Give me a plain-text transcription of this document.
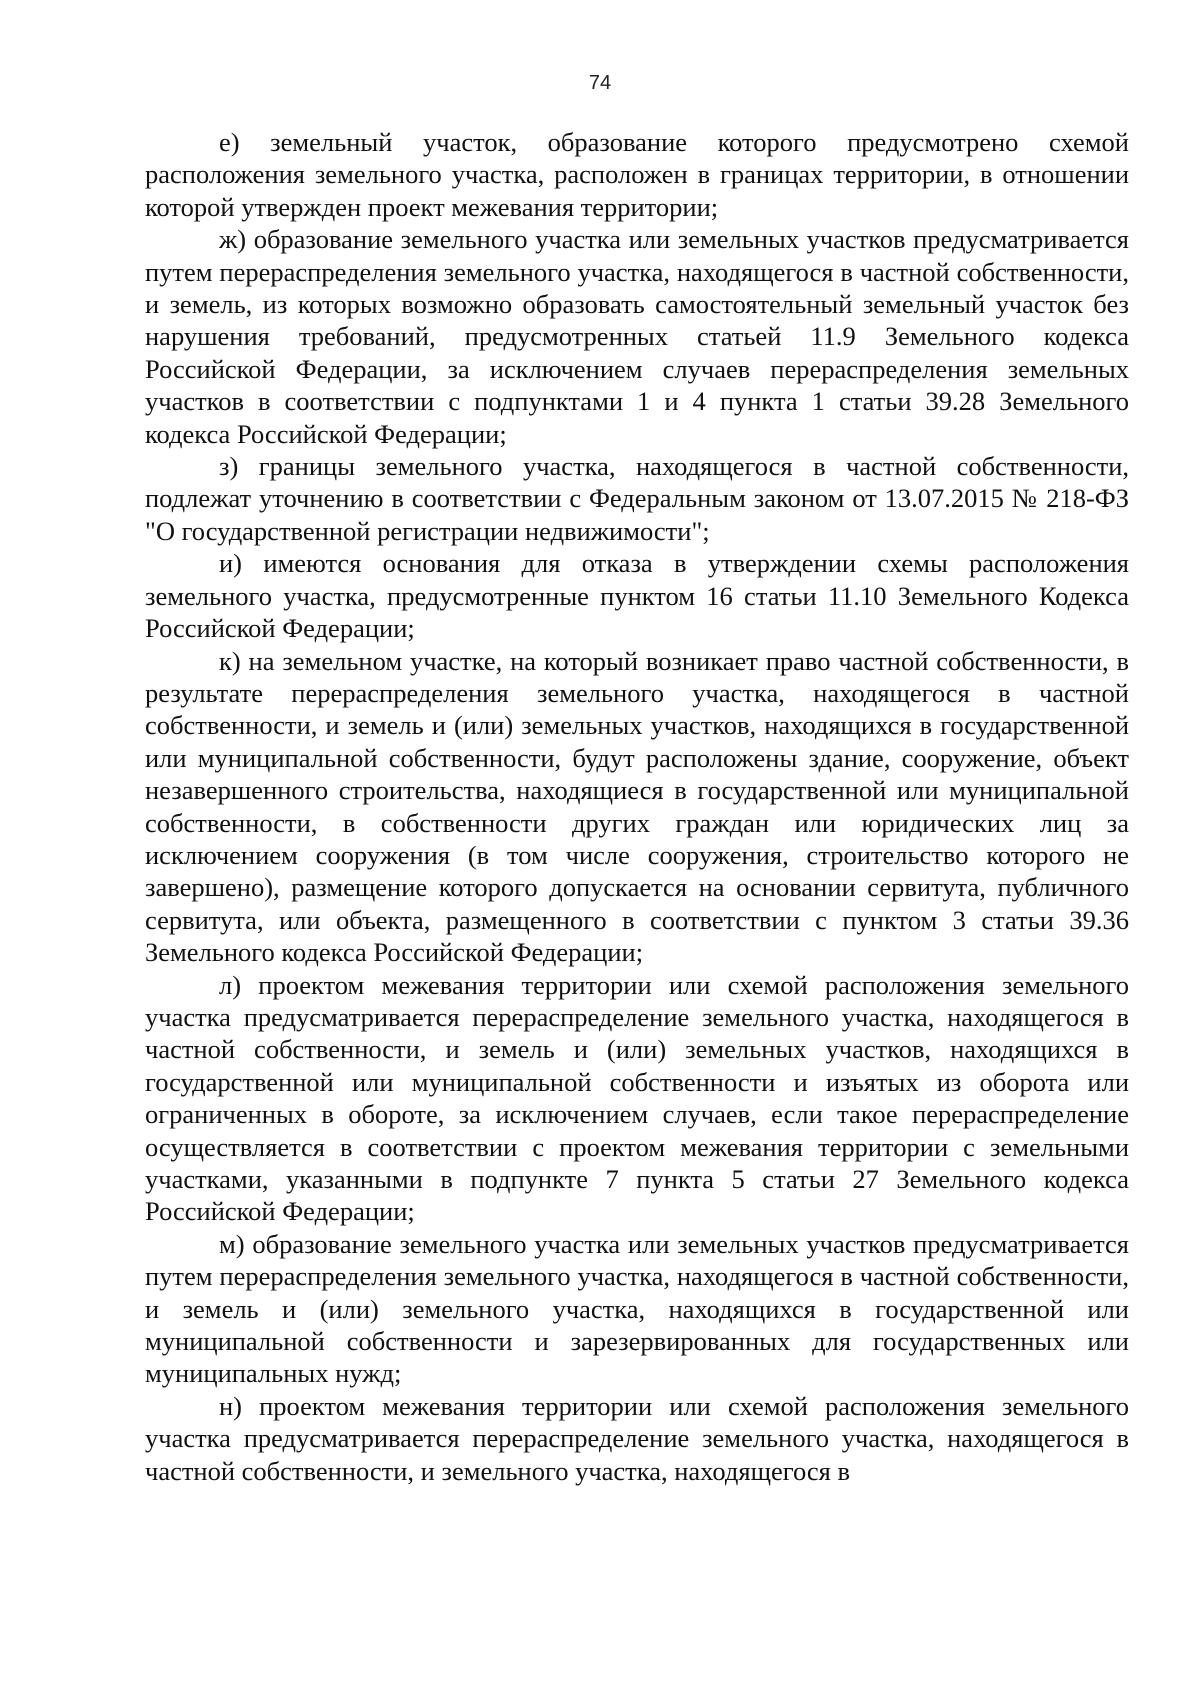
74

е) земельный участок, образование которого предусмотрено схемой расположения земельного участка, расположен в границах территории, в отношении которой утвержден проект межевания территории;

ж) образование земельного участка или земельных участков предусматривается путем перераспределения земельного участка, находящегося в частной собственности, и земель, из которых возможно образовать самостоятельный земельный участок без нарушения требований, предусмотренных статьей 11.9 Земельного кодекса Российской Федерации, за исключением случаев перераспределения земельных участков в соответствии с подпунктами 1 и 4 пункта 1 статьи 39.28 Земельного кодекса Российской Федерации;

з) границы земельного участка, находящегося в частной собственности, подлежат уточнению в соответствии с Федеральным законом от 13.07.2015 № 218-ФЗ "О государственной регистрации недвижимости";

и) имеются основания для отказа в утверждении схемы расположения земельного участка, предусмотренные пунктом 16 статьи 11.10 Земельного Кодекса Российской Федерации;

к) на земельном участке, на который возникает право частной собственности, в результате перераспределения земельного участка, находящегося в частной собственности, и земель и (или) земельных участков, находящихся в государственной или муниципальной собственности, будут расположены здание, сооружение, объект незавершенного строительства, находящиеся в государственной или муниципальной собственности, в собственности других граждан или юридических лиц за исключением сооружения (в том числе сооружения, строительство которого не завершено), размещение которого допускается на основании сервитута, публичного сервитута, или объекта, размещенного в соответствии с пунктом 3 статьи 39.36 Земельного кодекса Российской Федерации;

л) проектом межевания территории или схемой расположения земельного участка предусматривается перераспределение земельного участка, находящегося в частной собственности, и земель и (или) земельных участков, находящихся в государственной или муниципальной собственности и изъятых из оборота или ограниченных в обороте, за исключением случаев, если такое перераспределение осуществляется в соответствии с проектом межевания территории с земельными участками, указанными в подпункте 7 пункта 5 статьи 27 Земельного кодекса Российской Федерации;

м) образование земельного участка или земельных участков предусматривается путем перераспределения земельного участка, находящегося в частной собственности, и земель и (или) земельного участка, находящихся в государственной или муниципальной собственности и зарезервированных для государственных или муниципальных нужд;

н) проектом межевания территории или схемой расположения земельного участка предусматривается перераспределение земельного участка, находящегося в частной собственности, и земельного участка, находящегося в
